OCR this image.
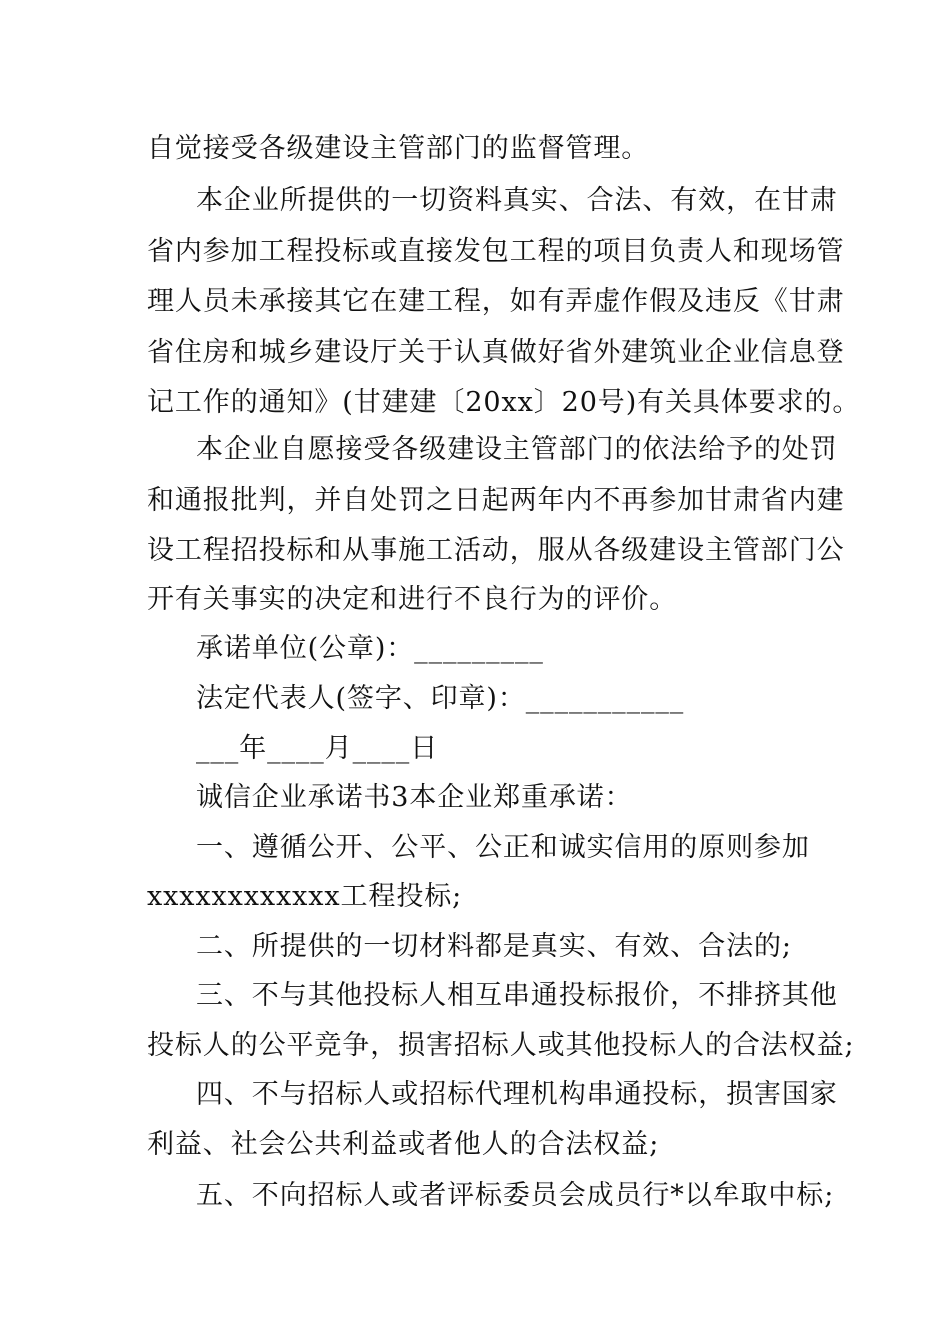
自觉接受各级建设主管部门的监督管理。
本企业所提供的一切资料真实、合法、有效，在甘肃
省内参加工程投标或直接发包工程的项目负责人和现场管
理人员未承接其它在建工程，如有弄虚作假及违反《甘肃
省住房和城乡建设厅关于认真做好省外建筑业企业信息登
记工作的通知》(甘建建〔20xx〕20号)有关具体要求的。
本企业自愿接受各级建设主管部门的依法给予的处罚
和通报批判，并自处罚之日起两年内不再参加甘肃省内建
设工程招投标和从事施工活动，服从各级建设主管部门公
开有关事实的决定和进行不良行为的评价。
承诺单位(公章)：_________
法定代表人(签字、印章)：___________
___年____月____日
诚信企业承诺书3本企业郑重承诺：
一、遵循公开、公平、公正和诚实信用的原则参加
xxxxxxxxxxxx工程投标;
二、所提供的一切材料都是真实、有效、合法的;
三、不与其他投标人相互串通投标报价，不排挤其他
投标人的公平竞争，损害招标人或其他投标人的合法权益;
四、不与招标人或招标代理机构串通投标，损害国家
利益、社会公共利益或者他人的合法权益;
五、不向招标人或者评标委员会成员行*以牟取中标;
